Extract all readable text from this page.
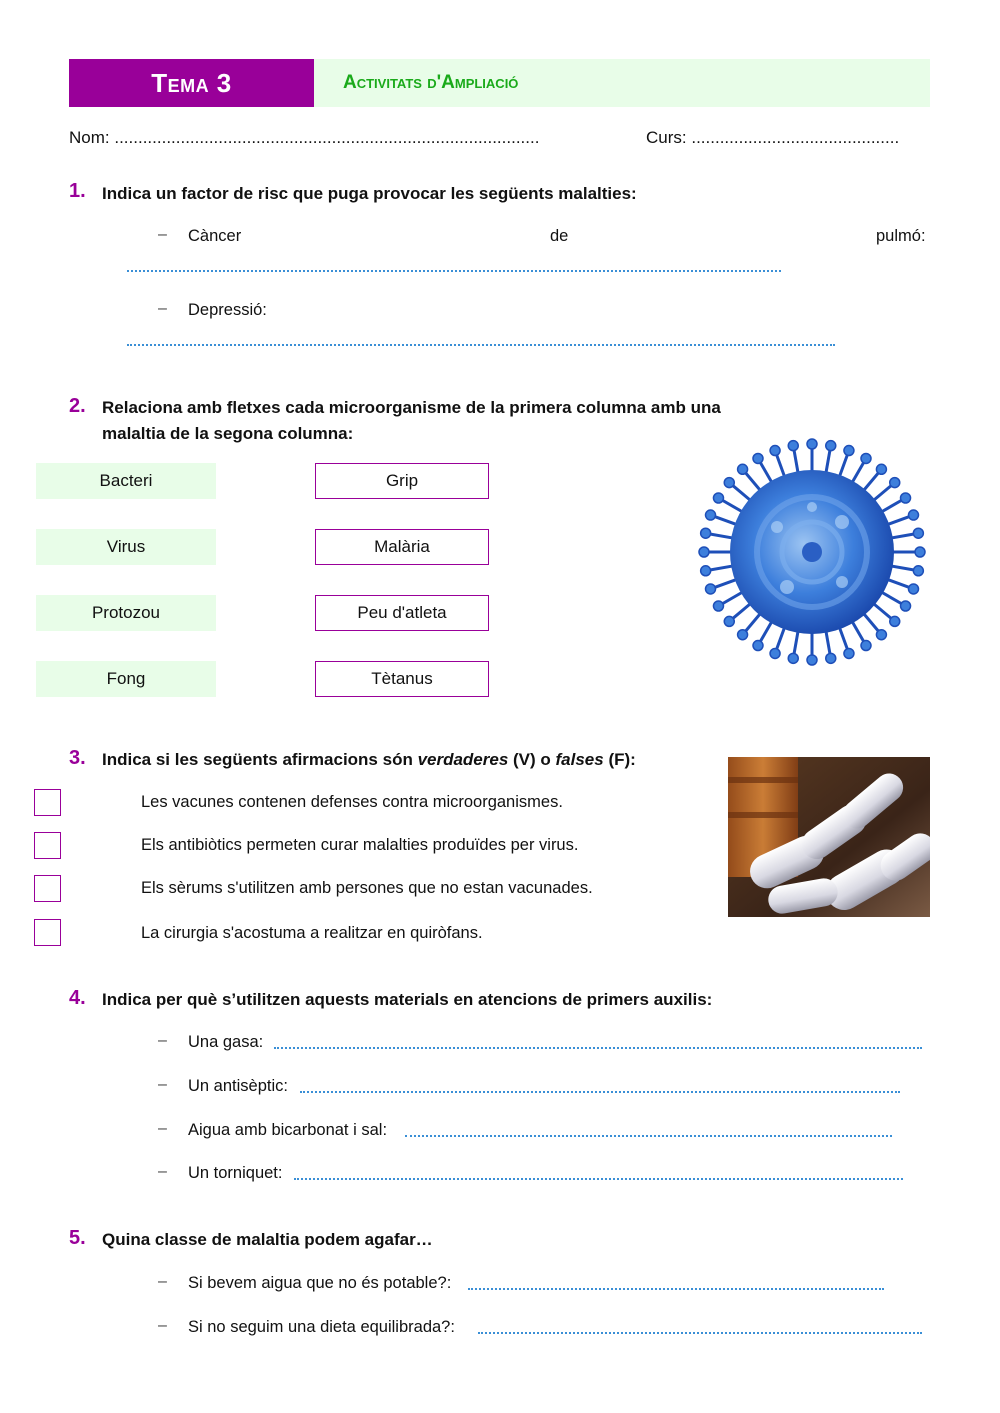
Tema 3	Activitats d'Ampliació
Nom: ..........................................................................................	Curs: ............................................
1. Indica un factor de risc que puga provocar les següents malalties:
– Càncer	de	pulmó:
– Depressió:
2. Relaciona amb fletxes cada microorganisme de la primera columna amb una
malaltia de la segona columna:
Bacteri
Virus
Protozou
Fong
Grip
Malària
Peu d'atleta
Tètanus
3. Indica si les següents afirmacions són verdaderes (V) o falses (F):
Les vacunes contenen defenses contra microorganismes.
Els antibiòtics permeten curar malalties produïdes per virus.
Els sèrums s'utilitzen amb persones que no estan vacunades.
La cirurgia s'acostuma a realitzar en quiròfans.
4. Indica per què s’utilitzen aquests materials en atencions de primers auxilis:
– Una gasa:
– Un antisèptic:
– Aigua amb bicarbonat i sal:
– Un torniquet:
5. Quina classe de malaltia podem agafar…
– Si bevem aigua que no és potable?:
– Si no seguim una dieta equilibrada?:
